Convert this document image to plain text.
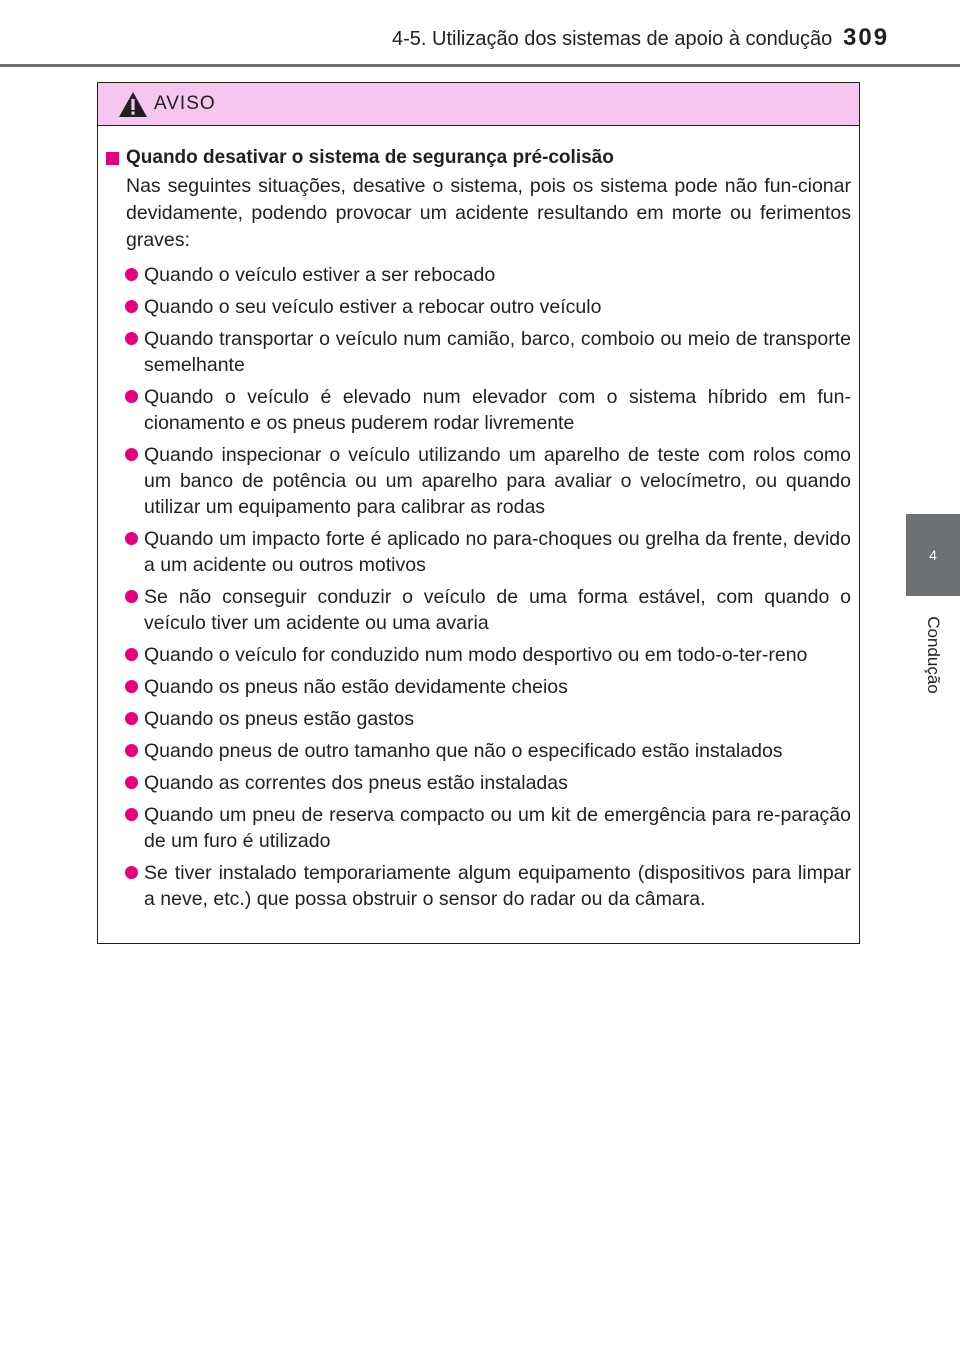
4-5. Utilização dos sistemas de apoio à condução 309
4
Condução
AVISO
Quando desativar o sistema de segurança pré-colisão
Nas seguintes situações, desative o sistema, pois os sistema pode não fun-cionar devidamente, podendo provocar um acidente resultando em morte ou ferimentos graves:
Quando o veículo estiver a ser rebocado
Quando o seu veículo estiver a rebocar outro veículo
Quando transportar o veículo num camião, barco, comboio ou meio de transporte semelhante
Quando o veículo é elevado num elevador com o sistema híbrido em fun-cionamento e os pneus puderem rodar livremente
Quando inspecionar o veículo utilizando um aparelho de teste com rolos como um banco de potência ou um aparelho para avaliar o velocímetro, ou quando utilizar um equipamento para calibrar as rodas
Quando um impacto forte é aplicado no para-choques ou grelha da frente, devido a um acidente ou outros motivos
Se não conseguir conduzir o veículo de uma forma estável, com quando o veículo tiver um acidente ou uma avaria
Quando o veículo for conduzido num modo desportivo ou em todo-o-ter-reno
Quando os pneus não estão devidamente cheios
Quando os pneus estão gastos
Quando pneus de outro tamanho que não o especificado estão instalados
Quando as correntes dos pneus estão instaladas
Quando um pneu de reserva compacto ou um kit de emergência para re-paração de um furo é utilizado
Se tiver instalado temporariamente algum equipamento (dispositivos para limpar a neve, etc.) que possa obstruir o sensor do radar ou da câmara.
